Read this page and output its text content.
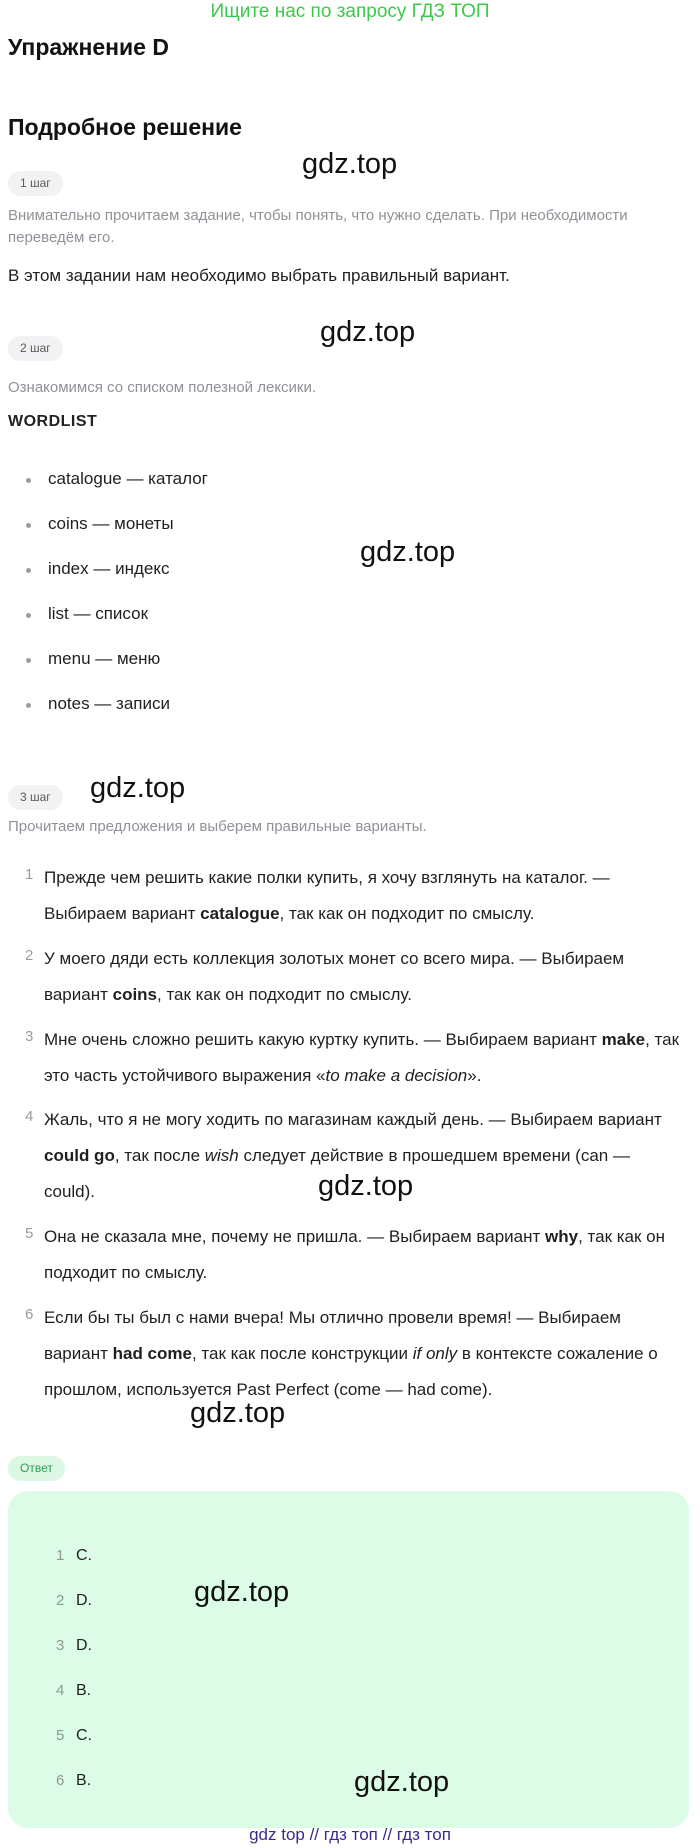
Ищите нас по запросу ГДЗ ТОП
Упражнение D
Подробное решение
1 шаг
gdz.top
Внимательно прочитаем задание, чтобы понять, что нужно сделать. При необходимости переведём его.
В этом задании нам необходимо выбрать правильный вариант.
2 шаг	gdz.top
Ознакомимся со списком полезной лексики.
WORDLIST
catalogue — каталог
coins — монеты
index — индекс
list — список
menu — меню
notes — записи
gdz.top
3 шаг	gdz.top
Прочитаем предложения и выберем правильные варианты.
1 Прежде чем решить какие полки купить, я хочу взглянуть на каталог. — Выбираем вариант catalogue, так как он подходит по смыслу.
2 У моего дяди есть коллекция золотых монет со всего мира. — Выбираем вариант coins, так как он подходит по смыслу.
3 Мне очень сложно решить какую куртку купить. — Выбираем вариант make, так это часть устойчивого выражения «to make a decision».
4 Жаль, что я не могу ходить по магазинам каждый день. — Выбираем вариант could go, так после wish следует действие в прошедшем времени (can — could).	gdz.top
5 Она не сказала мне, почему не пришла. — Выбираем вариант why, так как он подходит по смыслу.
6 Если бы ты был с нами вчера! Мы отлично провели время! — Выбираем вариант had come, так как после конструкции if only в контексте сожаление о прошлом, используется Past Perfect (come — had come).
gdz.top
Ответ
1 C.
2 D.
3 D.
4 B.
5 C.
6 B.
gdz.top
gdz.top
gdz top // гдз топ // гдз топ
